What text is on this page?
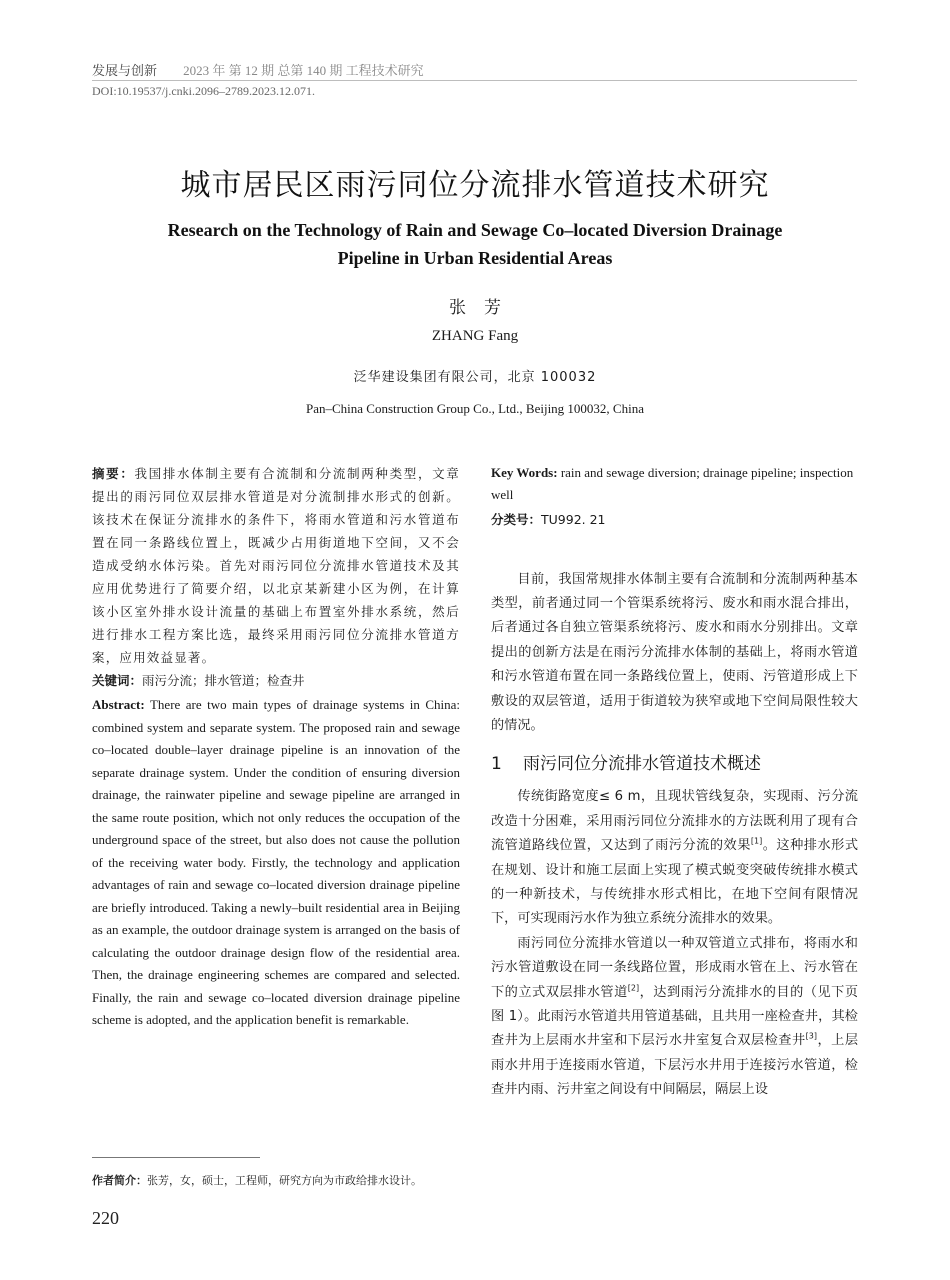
发展与创新 2023 年 第 12 期 总第 140 期 工程技术研究
DOI:10.19537/j.cnki.2096–2789.2023.12.071.
城市居民区雨污同位分流排水管道技术研究
Research on the Technology of Rain and Sewage Co–located Diversion Drainage
Pipeline in Urban Residential Areas
张芳
ZHANG Fang
泛华建设集团有限公司，北京 100032
Pan–China Construction Group Co., Ltd., Beijing 100032, China
摘要：我国排水体制主要有合流制和分流制两种类型，文章提出的雨污同位双层排水管道是对分流制排水形式的创新。该技术在保证分流排水的条件下，将雨水管道和污水管道布置在同一条路线位置上，既减少占用街道地下空间，又不会造成受纳水体污染。首先对雨污同位分流排水管道技术及其应用优势进行了简要介绍，以北京某新建小区为例，在计算该小区室外排水设计流量的基础上布置室外排水系统，然后进行排水工程方案比选，最终采用雨污同位分流排水管道方案，应用效益显著。
关键词：雨污分流；排水管道；检查井
Abstract: There are two main types of drainage systems in China: combined system and separate system. The proposed rain and sewage co–located double–layer drainage pipeline is an innovation of the separate drainage system. Under the condition of ensuring diversion drainage, the rainwater pipeline and sewage pipeline are arranged in the same route position, which not only reduces the occupation of the underground space of the street, but also does not cause the pollution of the receiving water body. Firstly, the technology and application advantages of rain and sewage co–located diversion drainage pipeline are briefly introduced. Taking a newly–built residential area in Beijing as an example, the outdoor drainage system is arranged on the basis of calculating the outdoor drainage design flow of the residential area. Then, the drainage engineering schemes are compared and selected. Finally, the rain and sewage co–located diversion drainage pipeline scheme is adopted, and the application benefit is remarkable.
作者简介：张芳，女，硕士，工程师，研究方向为市政给排水设计。
220
Key Words: rain and sewage diversion; drainage pipeline; inspection well
分类号：TU992. 21

目前，我国常规排水体制主要有合流制和分流制两种基本类型，前者通过同一个管渠系统将污、废水和雨水混合排出，后者通过各自独立管渠系统将污、废水和雨水分别排出。文章提出的创新方法是在雨污分流排水体制的基础上，将雨水管道和污水管道布置在同一条路线位置上，使雨、污管道形成上下敷设的双层管道，适用于街道较为狭窄或地下空间局限性较大的情况。

1 雨污同位分流排水管道技术概述

传统街路宽度≤ 6 m，且现状管线复杂，实现雨、污分流改造十分困难，采用雨污同位分流排水的方法既利用了现有合流管道路线位置，又达到了雨污分流的效果[1]。这种排水形式在规划、设计和施工层面上实现了模式蜕变突破传统排水模式的一种新技术，与传统排水形式相比，在地下空间有限情况下，可实现雨污水作为独立系统分流排水的效果。

雨污同位分流排水管道以一种双管道立式排布，将雨水和污水管道敷设在同一条线路位置，形成雨水管在上、污水管在下的立式双层排水管道[2]，达到雨污分流排水的目的（见下页图 1）。此雨污水管道共用管道基础，且共用一座检查井，其检查井为上层雨水井室和下层污水井室复合双层检查井[3]，上层雨水井用于连接雨水管道，下层污水井用于连接污水管道，检查井内雨、污井室之间设有中间隔层，隔层上设
